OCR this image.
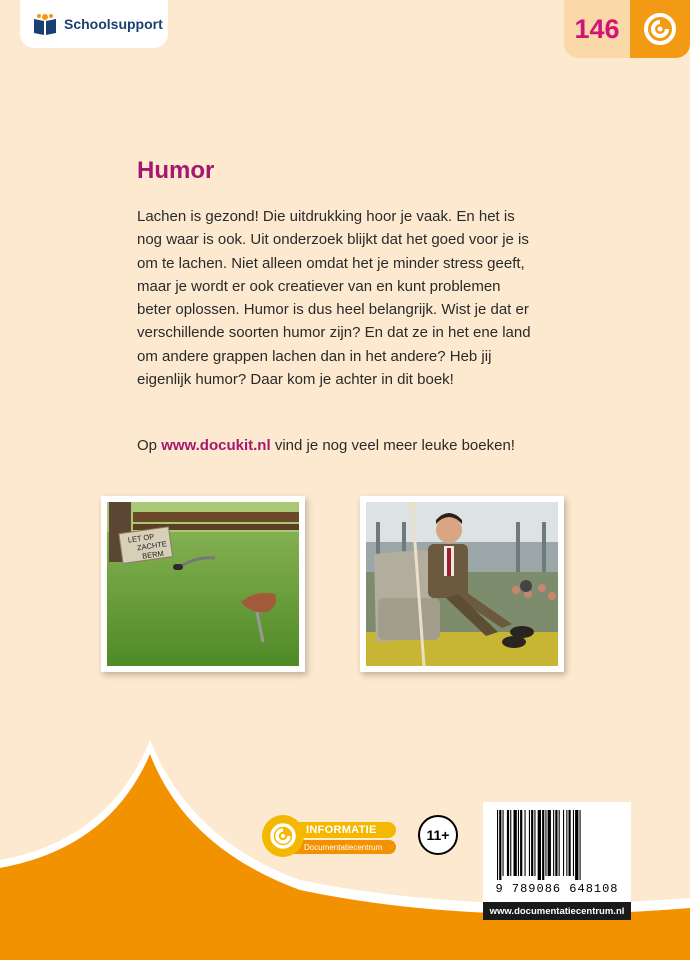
Schoolsupport	146
Humor

Lachen is gezond! Die uitdrukking hoor je vaak. En het is nog waar is ook. Uit onderzoek blijkt dat het goed voor je is om te lachen. Niet alleen omdat het je minder stress geeft, maar je wordt er ook creatiever van en kunt problemen beter oplossen. Humor is dus heel belangrijk. Wist je dat er verschillende soorten humor zijn? En dat ze in het ene land om andere grappen lachen dan in het andere? Heb jij eigenlijk humor? Daar kom je achter in dit boek!

Op www.docukit.nl vind je nog veel meer leuke boeken!

LET OP
ZACHTE
BERM
INFORMATIE
Documentatiecentrum
11+
9 789086 648108
www.documentatiecentrum.nl
